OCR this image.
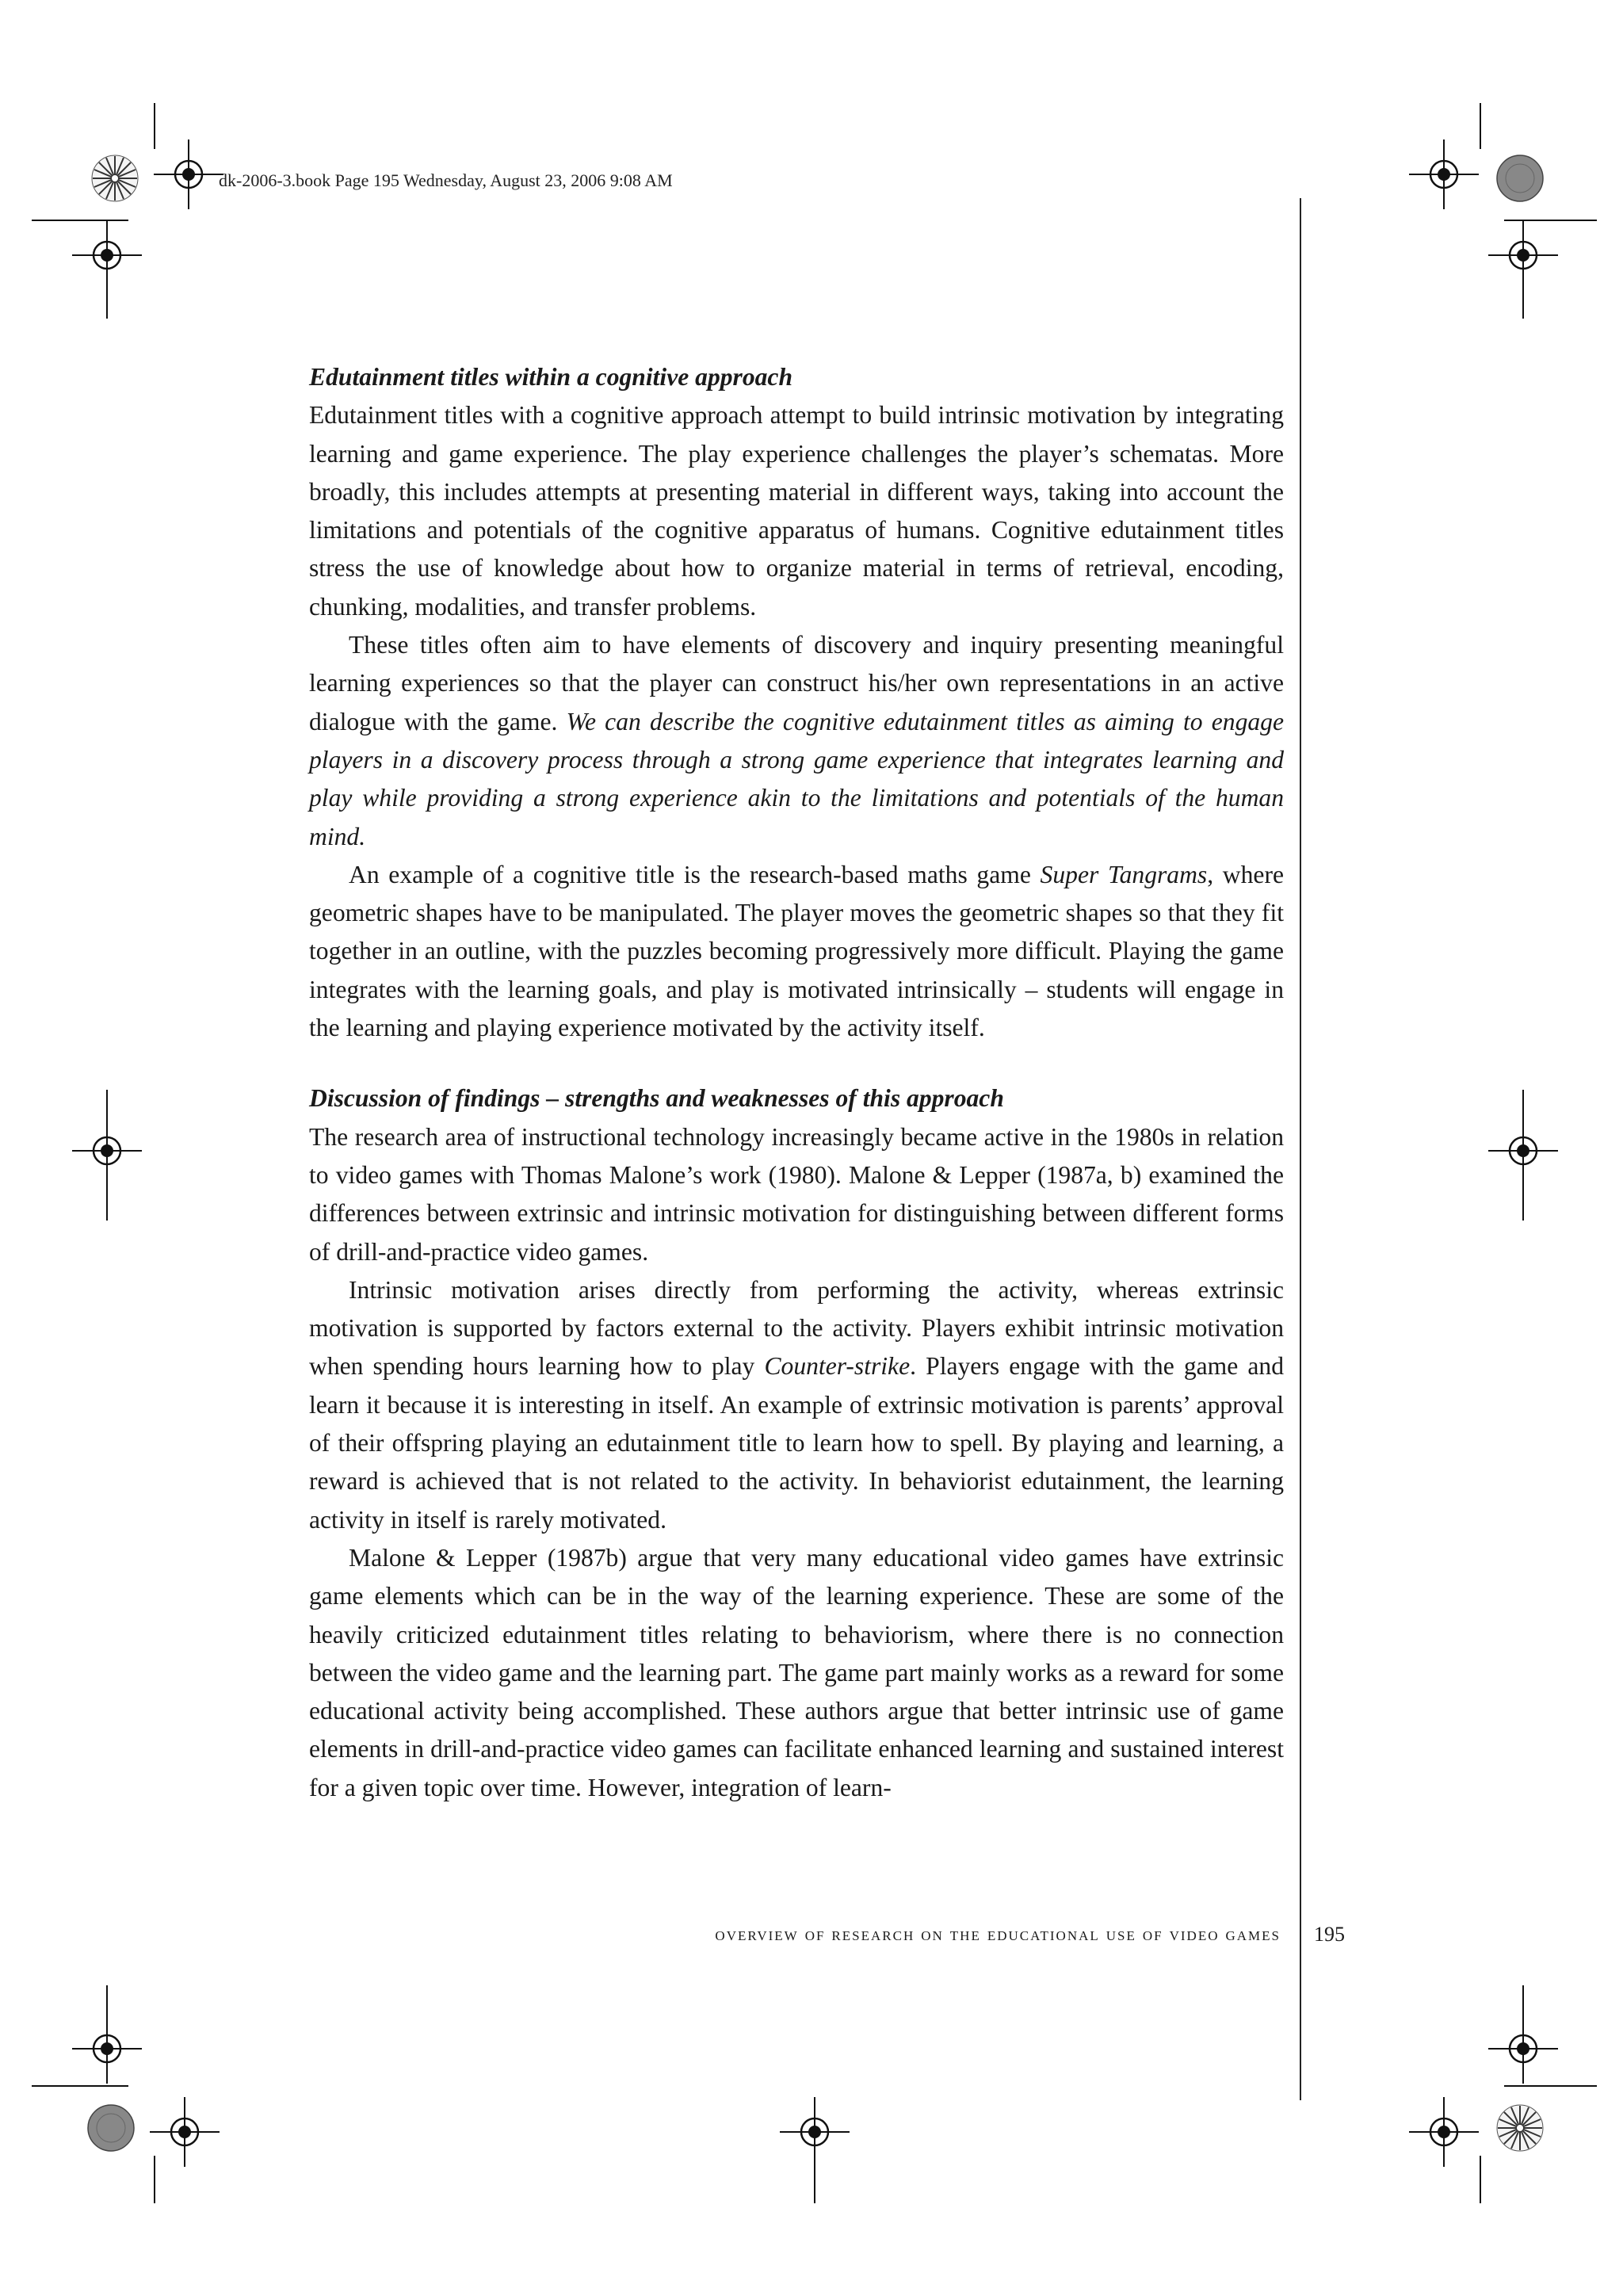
dk-2006-3.book Page 195 Wednesday, August 23, 2006 9:08 AM

Edutainment titles within a cognitive approach

Edutainment titles with a cognitive approach attempt to build intrinsic motivation by integrating learning and game experience. The play experience challenges the player’s schematas. More broadly, this includes attempts at presenting material in different ways, taking into account the limitations and potentials of the cognitive apparatus of humans. Cognitive edutainment titles stress the use of knowledge about how to organize material in terms of retrieval, encoding, chunking, modalities, and transfer problems.

These titles often aim to have elements of discovery and inquiry presenting meaningful learning experiences so that the player can construct his/her own representations in an active dialogue with the game. We can describe the cognitive edutainment titles as aiming to engage players in a discovery process through a strong game experience that integrates learning and play while providing a strong experience akin to the limitations and potentials of the human mind.

An example of a cognitive title is the research-based maths game Super Tangrams, where geometric shapes have to be manipulated. The player moves the geometric shapes so that they fit together in an outline, with the puzzles becoming progressively more difficult. Playing the game integrates with the learning goals, and play is motivated intrinsically – students will engage in the learning and playing experience motivated by the activity itself.

Discussion of findings – strengths and weaknesses of this approach

The research area of instructional technology increasingly became active in the 1980s in relation to video games with Thomas Malone’s work (1980). Malone & Lepper (1987a, b) examined the differences between extrinsic and intrinsic motivation for distinguishing between different forms of drill-and-practice video games.

Intrinsic motivation arises directly from performing the activity, whereas extrinsic motivation is supported by factors external to the activity. Players exhibit intrinsic motivation when spending hours learning how to play Counter-strike. Players engage with the game and learn it because it is interesting in itself. An example of extrinsic motivation is parents’ approval of their offspring playing an edutainment title to learn how to spell. By playing and learning, a reward is achieved that is not related to the activity. In behaviorist edutainment, the learning activity in itself is rarely motivated.

Malone & Lepper (1987b) argue that very many educational video games have extrinsic game elements which can be in the way of the learning experience. These are some of the heavily criticized edutainment titles relating to behaviorism, where there is no connection between the video game and the learning part. The game part mainly works as a reward for some educational activity being accomplished. These authors argue that better intrinsic use of game elements in drill-and-practice video games can facilitate enhanced learning and sustained interest for a given topic over time. However, integration of learn-

overview of research on the educational use of video games 195
